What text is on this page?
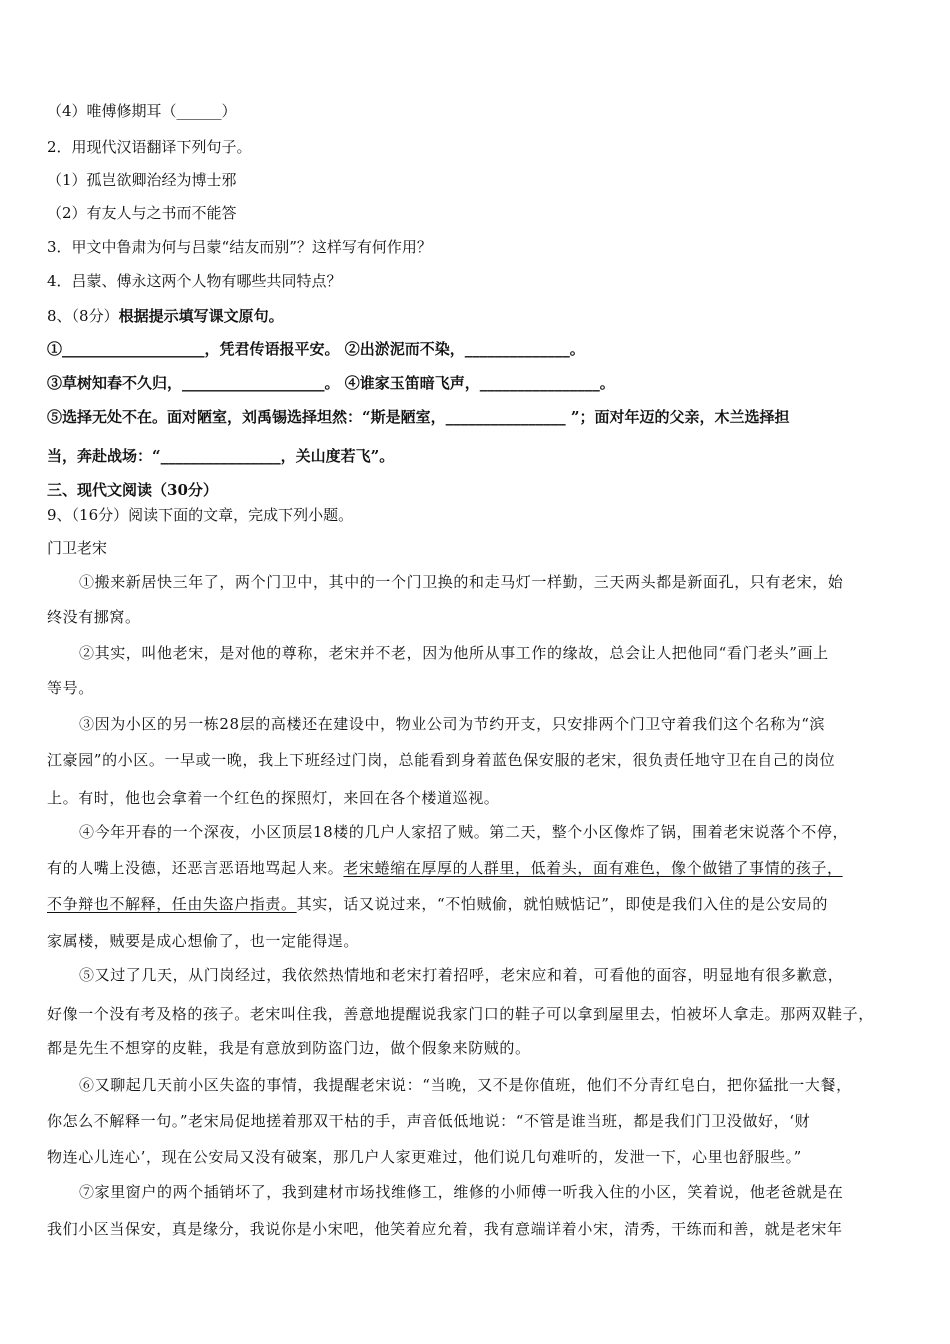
（4）唯傅修期耳（______）
2．用现代汉语翻译下列句子。
（1）孤岂欲卿治经为博士邪
（2）有友人与之书而不能答
3．甲文中鲁肃为何与吕蒙“结友而别”？这样写有何作用？
4．吕蒙、傅永这两个人物有哪些共同特点？
8、（8分）根据提示填写课文原句。
①___________________，凭君传语报平安。 ②出淤泥而不染，______________。
③草树知春不久归，___________________。 ④谁家玉笛暗飞声，________________。
⑤选择无处不在。面对陋室，刘禹锡选择坦然：“斯是陋室，________________ ”；面对年迈的父亲，木兰选择担
当，奔赴战场：“________________，关山度若飞”。
三、现代文阅读（30分）
9、（16分）阅读下面的文章，完成下列小题。
门卫老宋
①搬来新居快三年了，两个门卫中，其中的一个门卫换的和走马灯一样勤，三天两头都是新面孔，只有老宋，始
终没有挪窝。
②其实，叫他老宋，是对他的尊称，老宋并不老，因为他所从事工作的缘故，总会让人把他同“看门老头”画上
等号。
③因为小区的另一栋28层的高楼还在建设中，物业公司为节约开支，只安排两个门卫守着我们这个名称为“滨
江豪园”的小区。一早或一晚，我上下班经过门岗，总能看到身着蓝色保安服的老宋，很负责任地守卫在自己的岗位
上。有时，他也会拿着一个红色的探照灯，来回在各个楼道巡视。
④今年开春的一个深夜，小区顶层18楼的几户人家招了贼。第二天，整个小区像炸了锅，围着老宋说落个不停，
有的人嘴上没德，还恶言恶语地骂起人来。老宋蜷缩在厚厚的人群里，低着头，面有难色，像个做错了事情的孩子，
不争辩也不解释，任由失盗户指责。其实，话又说过来，“不怕贼偷，就怕贼惦记”，即使是我们入住的是公安局的
家属楼，贼要是成心想偷了，也一定能得逞。
⑤又过了几天，从门岗经过，我依然热情地和老宋打着招呼，老宋应和着，可看他的面容，明显地有很多歉意，
好像一个没有考及格的孩子。老宋叫住我，善意地提醒说我家门口的鞋子可以拿到屋里去，怕被坏人拿走。那两双鞋子，
都是先生不想穿的皮鞋，我是有意放到防盗门边，做个假象来防贼的。
⑥又聊起几天前小区失盗的事情，我提醒老宋说：“当晚，又不是你值班，他们不分青红皂白，把你猛批一大餐，
你怎么不解释一句。”老宋局促地搓着那双干枯的手，声音低低地说：“不管是谁当班，都是我们门卫没做好，‘财
物连心儿连心’，现在公安局又没有破案，那几户人家更难过，他们说几句难听的，发泄一下，心里也舒服些。”
⑦家里窗户的两个插销坏了，我到建材市场找维修工，维修的小师傅一听我入住的小区，笑着说，他老爸就是在
我们小区当保安，真是缘分，我说你是小宋吧，他笑着应允着，我有意端详着小宋，清秀，干练而和善，就是老宋年
